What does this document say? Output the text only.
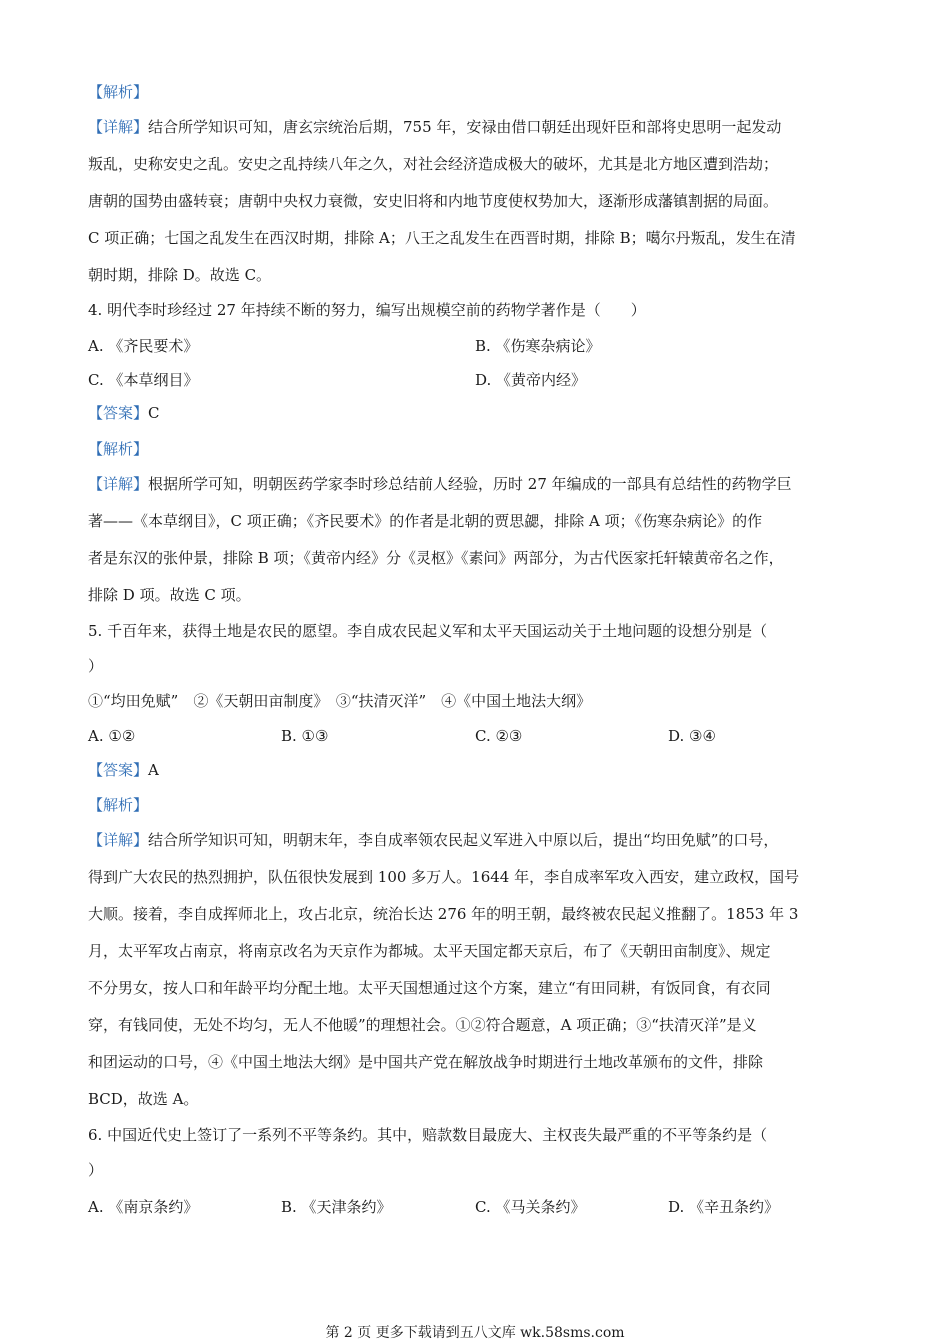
【解析】
【详解】结合所学知识可知，唐玄宗统治后期，755 年，安禄由借口朝廷出现奸臣和部将史思明一起发动
叛乱，史称安史之乱。安史之乱持续八年之久，对社会经济造成极大的破坏，尤其是北方地区遭到浩劫；
唐朝的国势由盛转衰；唐朝中央权力衰微，安史旧将和内地节度使权势加大，逐渐形成藩镇割据的局面。
C 项正确；七国之乱发生在西汉时期，排除 A；八王之乱发生在西晋时期，排除 B；噶尔丹叛乱，发生在清
朝时期，排除 D。故选 C。
4. 明代李时珍经过 27 年持续不断的努力，编写出规模空前的药物学著作是（　　）
A. 《齐民要术》	B. 《伤寒杂病论》
C. 《本草纲目》	D. 《黄帝内经》
【答案】C
【解析】
【详解】根据所学可知，明朝医药学家李时珍总结前人经验，历时 27 年编成的一部具有总结性的药物学巨
著——《本草纲目》，C 项正确；《齐民要术》的作者是北朝的贾思勰，排除 A 项；《伤寒杂病论》的作
者是东汉的张仲景，排除 B 项；《黄帝内经》分《灵枢》《素问》两部分，为古代医家托轩辕黄帝名之作，
排除 D 项。故选 C 项。
5. 千百年来，获得土地是农民的愿望。李自成农民起义军和太平天国运动关于土地问题的设想分别是（
）
①“均田免赋”　②《天朝田亩制度》　③“扶清灭洋”　④《中国土地法大纲》
A. ①②	B. ①③	C. ②③	D. ③④
【答案】A
【解析】
【详解】结合所学知识可知，明朝末年，李自成率领农民起义军进入中原以后，提出“均田免赋”的口号，
得到广大农民的热烈拥护，队伍很快发展到 100 多万人。1644 年，李自成率军攻入西安，建立政权，国号
大顺。接着，李自成挥师北上，攻占北京，统治长达 276 年的明王朝，最终被农民起义推翻了。1853 年 3
月，太平军攻占南京，将南京改名为天京作为都城。太平天国定都天京后，布了《天朝田亩制度》、规定
不分男女，按人口和年龄平均分配土地。太平天国想通过这个方案，建立“有田同耕，有饭同食，有衣同
穿，有钱同使，无处不均匀，无人不他暖”的理想社会。①②符合题意，A 项正确；③“扶清灭洋”是义
和团运动的口号，④《中国土地法大纲》是中国共产党在解放战争时期进行土地改革颁布的文件，排除
BCD，故选 A。
6. 中国近代史上签订了一系列不平等条约。其中，赔款数目最庞大、主权丧失最严重的不平等条约是（
）
A. 《南京条约》	B. 《天津条约》	C. 《马关条约》	D. 《辛丑条约》
第 2 页 更多下载请到五八文库 wk.58sms.com
